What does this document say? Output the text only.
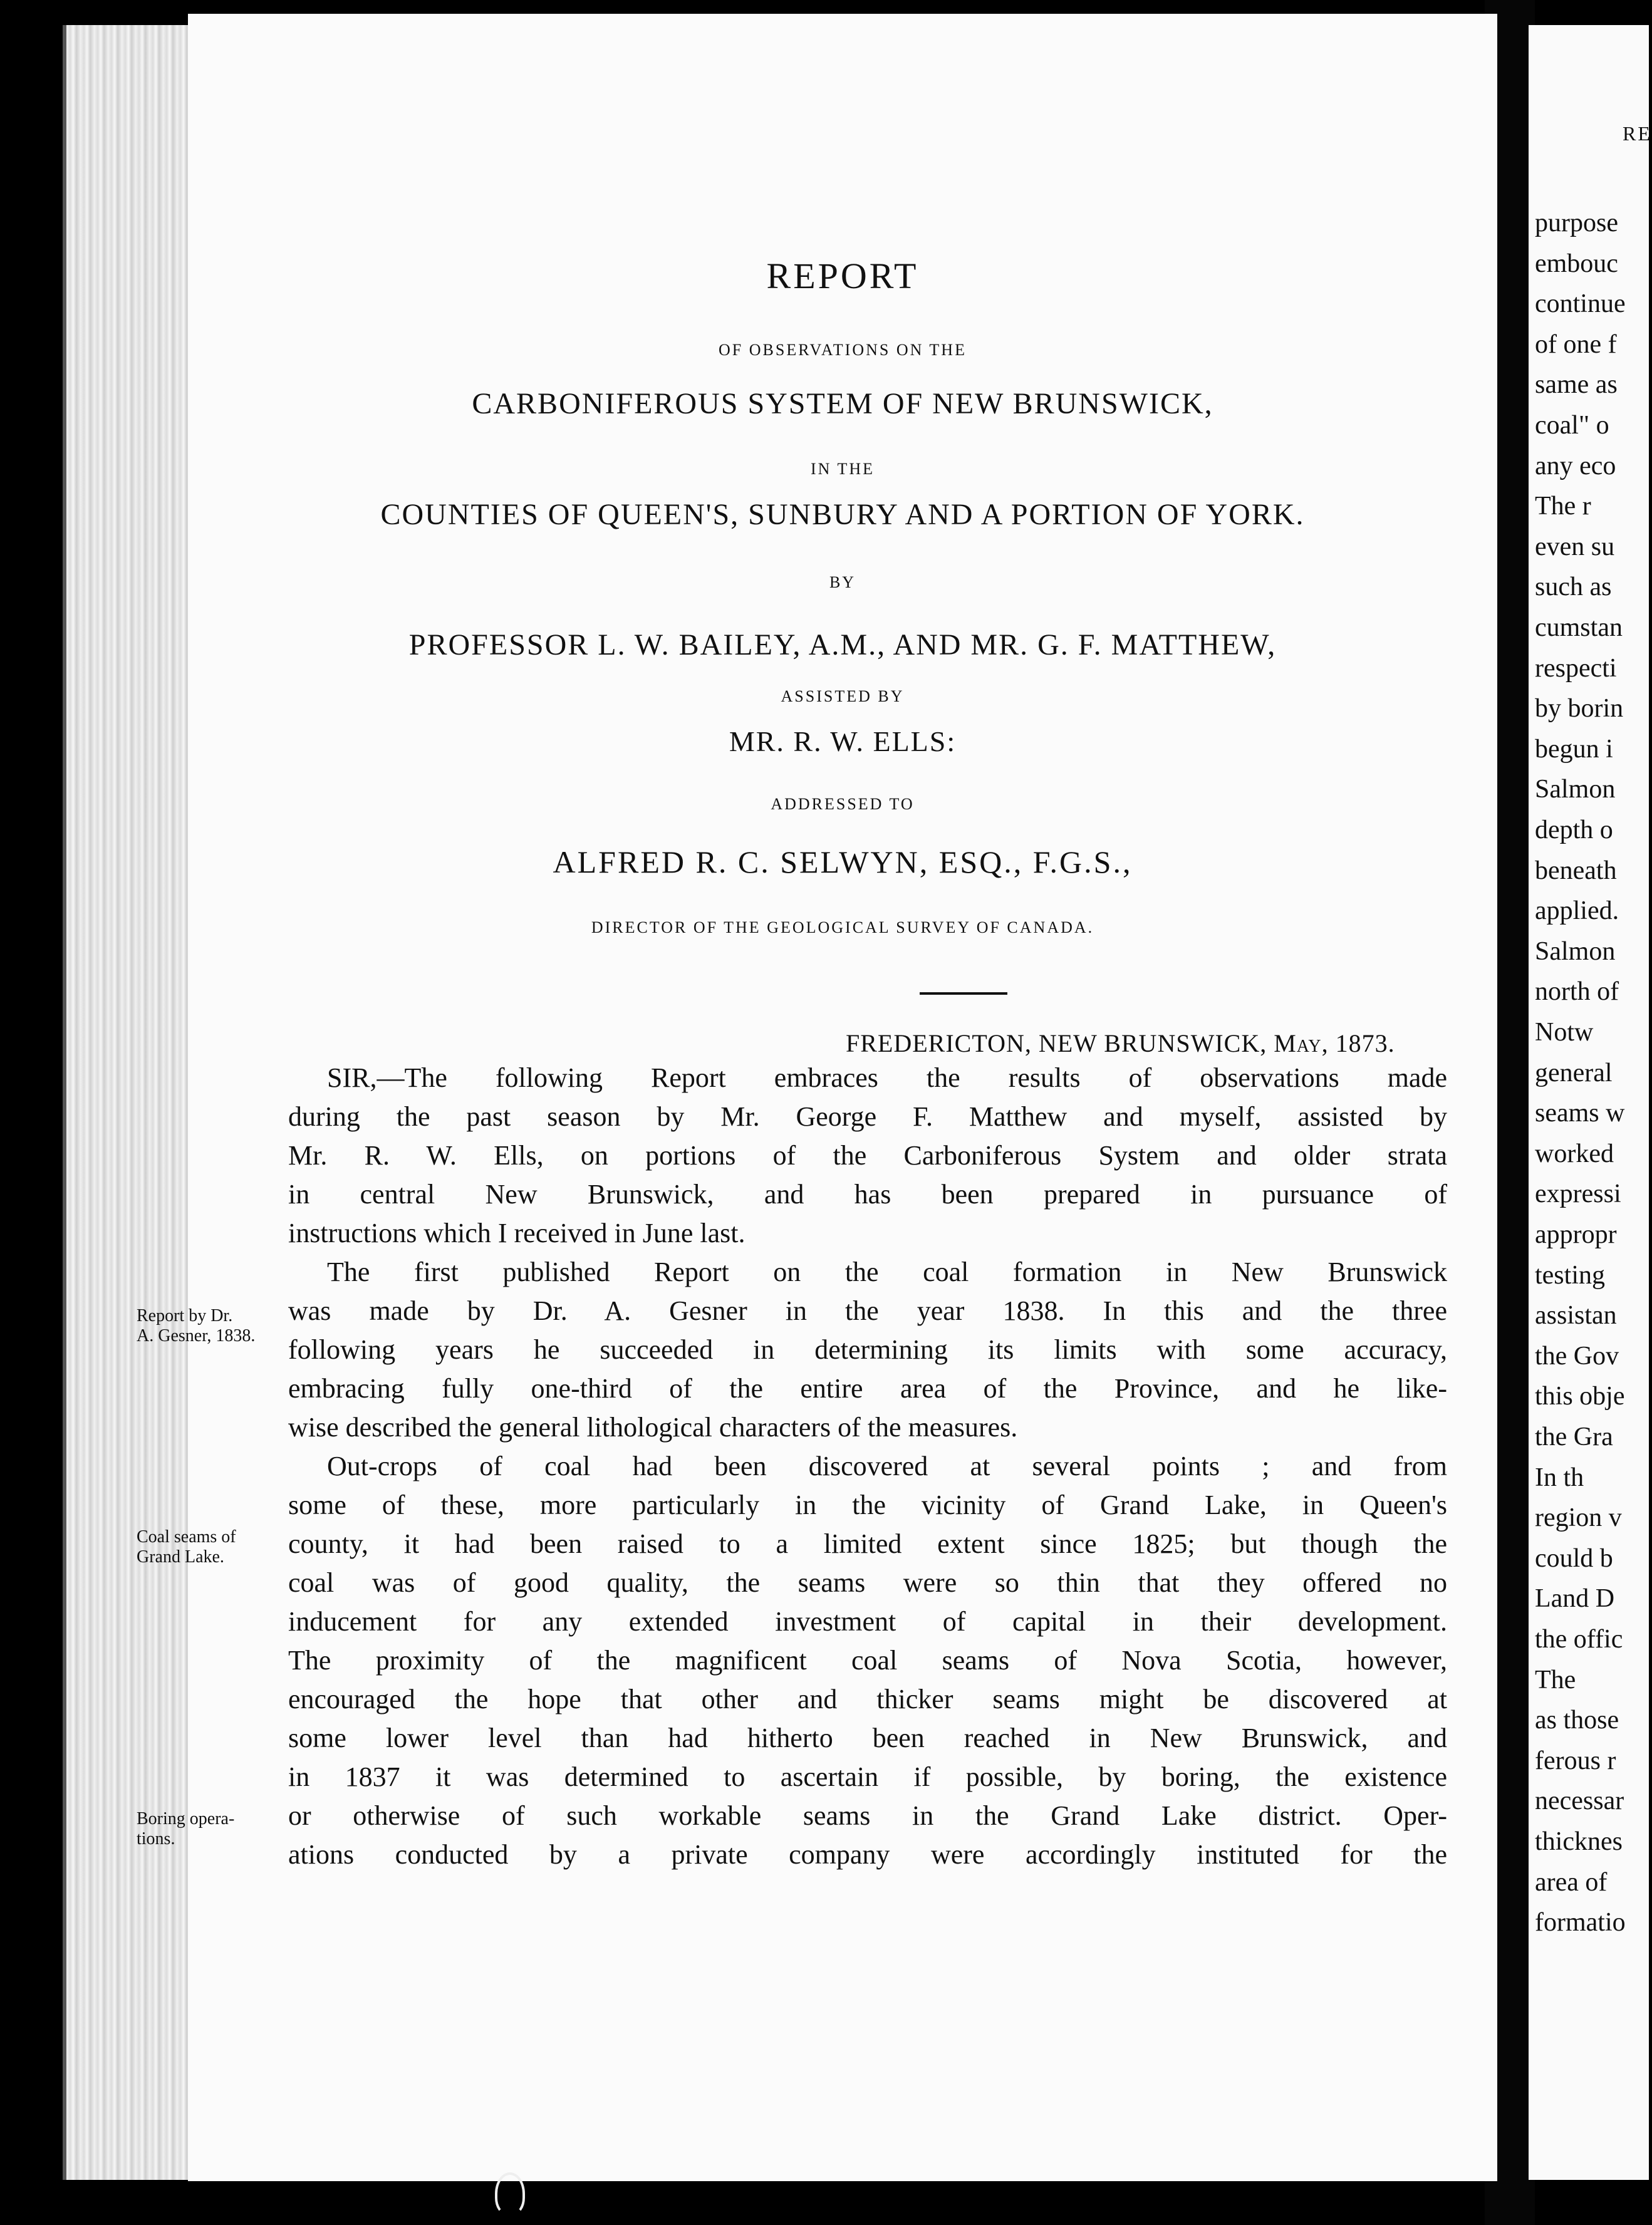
REPORT
OF OBSERVATIONS ON THE
CARBONIFEROUS SYSTEM OF NEW BRUNSWICK,
IN THE
COUNTIES OF QUEEN'S, SUNBURY AND A PORTION OF YORK.
BY
PROFESSOR L. W. BAILEY, A.M., AND MR. G. F. MATTHEW,
ASSISTED BY
MR. R. W. ELLS:
ADDRESSED TO
ALFRED R. C. SELWYN, ESQ., F.G.S.,
DIRECTOR OF THE GEOLOGICAL SURVEY OF CANADA.
FREDERICTON, NEW BRUNSWICK, May, 1873.
Report by Dr.
A. Gesner, 1838.
Coal seams of
Grand Lake.
Boring opera-
tions.
SIR,—The following Report embraces the results of observations made
during the past season by Mr. George F. Matthew and myself, assisted by
Mr. R. W. Ells, on portions of the Carboniferous System and older strata
in central New Brunswick, and has been prepared in pursuance of
instructions which I received in June last.
The first published Report on the coal formation in New Brunswick
was made by Dr. A. Gesner in the year 1838. In this and the three
following years he succeeded in determining its limits with some accuracy,
embracing fully one-third of the entire area of the Province, and he like-
wise described the general lithological characters of the measures.
Out-crops of coal had been discovered at several points ; and from
some of these, more particularly in the vicinity of Grand Lake, in Queen's
county, it had been raised to a limited extent since 1825; but though the
coal was of good quality, the seams were so thin that they offered no
inducement for any extended investment of capital in their development.
The proximity of the magnificent coal seams of Nova Scotia, however,
encouraged the hope that other and thicker seams might be discovered at
some lower level than had hitherto been reached in New Brunswick, and
in 1837 it was determined to ascertain if possible, by boring, the existence
or otherwise of such workable seams in the Grand Lake district. Oper-
ations conducted by a private company were accordingly instituted for the
purpose
embouc
continue
of one f
same as
coal" o
any eco
The r
even su
such as
cumstan
respecti
by borin
begun i
Salmon
depth o
beneath
applied.
Salmon
north of
Notw
general
seams w
worked
expressi
appropr
testing
assistan
the Gov
this obje
the Gra
In th
region v
could b
Land D
the offic
The
as those
ferous r
necessar
thicknes
area of
formatio
RE
